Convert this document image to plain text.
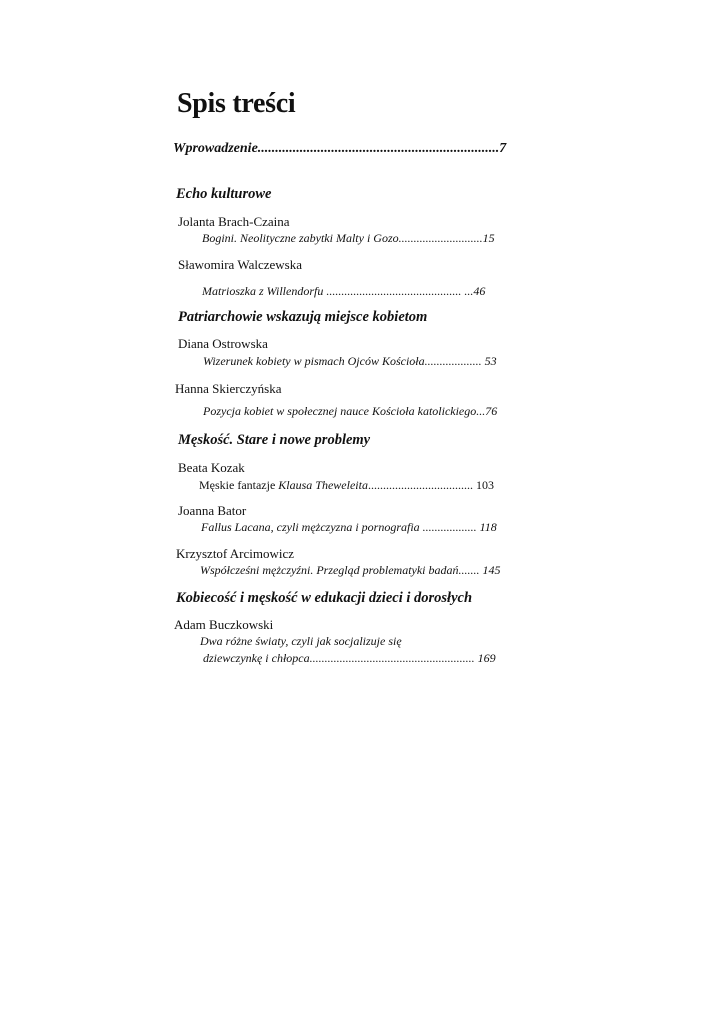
Spis treści
Wprowadzenie.....................................................................7
Echo kulturowe
Jolanta Brach-Czaina
Bogini. Neolityczne zabytki Malty i Gozo............................15
Sławomira Walczewska
Matrioszka z Willendorfu ............................................. ...46
Patriarchowie wskazują miejsce kobietom
Diana Ostrowska
Wizerunek kobiety w pismach Ojców Kościoła................... 53
Hanna Skierczyńska
Pozycja kobiet w społecznej nauce Kościoła katolickiego...76
Męskość. Stare i nowe problemy
Beata Kozak
Męskie fantazje Klausa Theweleita................................... 103
Joanna Bator
Fallus Lacana, czyli mężczyzna i pornografia .................. 118
Krzysztof Arcimowicz
Współcześni mężczyźni. Przegląd problematyki badań....... 145
Kobiecość i męskość w edukacji dzieci i dorosłych
Adam Buczkowski
Dwa różne światy, czyli jak socjalizuje się
dziewczynkę i chłopca....................................................... 169
